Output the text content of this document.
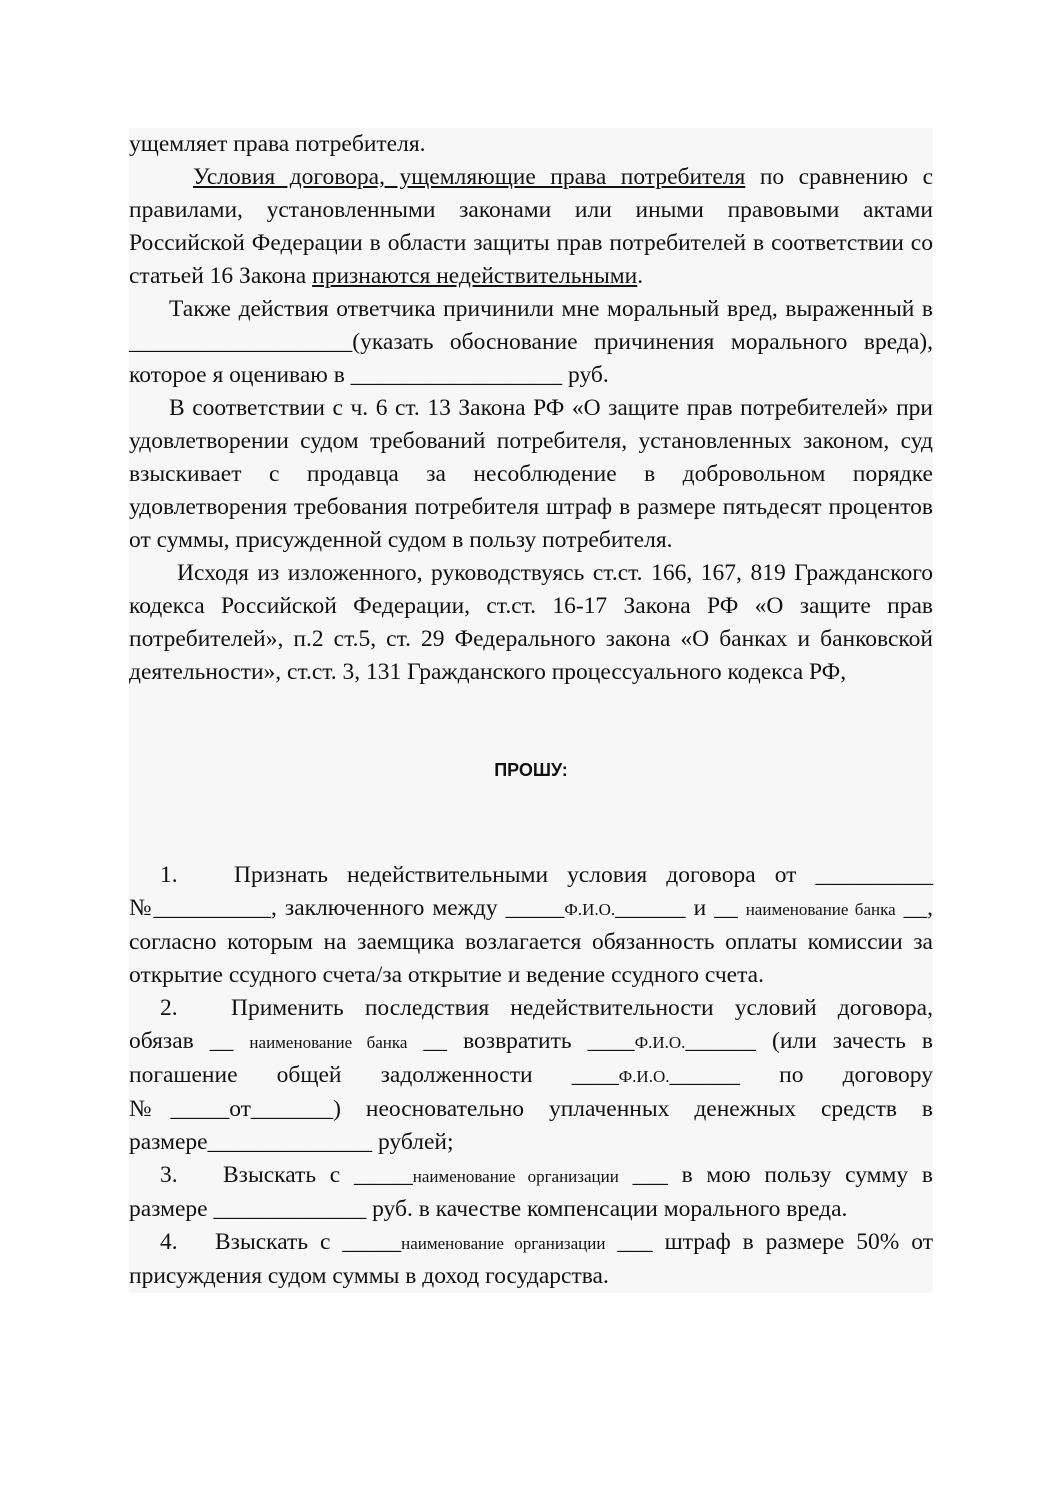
ущемляет права потребителя.

Условия договора, ущемляющие права потребителя по сравнению с правилами, установленными законами или иными правовыми актами Российской Федерации в области защиты прав потребителей в соответствии со статьей 16 Закона признаются недействительными.

Также действия ответчика причинили мне моральный вред, выраженный в ___________________(указать обоснование причинения морального вреда), которое я оцениваю в __________________ руб.

В соответствии с ч. 6 ст. 13 Закона РФ «О защите прав потребителей» при удовлетворении судом требований потребителя, установленных законом, суд взыскивает с продавца за несоблюдение в добровольном порядке удовлетворения требования потребителя штраф в размере пятьдесят процентов от суммы, присужденной судом в пользу потребителя.

Исходя из изложенного, руководствуясь ст.ст. 166, 167, 819 Гражданского кодекса Российской Федерации, ст.ст. 16-17 Закона РФ «О защите прав потребителей», п.2 ст.5, ст. 29 Федерального закона «О банках и банковской деятельности», ст.ст. 3, 131 Гражданского процессуального кодекса РФ,

ПРОШУ:

1. Признать недействительными условия договора от __________ №__________, заключенного между _____Ф.И.О.______ и __ наименование банка __, согласно которым на заемщика возлагается обязанность оплаты комиссии за открытие ссудного счета/за открытие и ведение ссудного счета.

2. Применить последствия недействительности условий договора, обязав __ наименование банка __ возвратить ____Ф.И.О.______ (или зачесть в погашение общей задолженности ____Ф.И.О.______ по договору №_____от_______) неосновательно уплаченных денежных средств в размере______________ рублей;

3. Взыскать с _____наименование организации ___ в мою пользу сумму в размере _____________ руб. в качестве компенсации морального вреда.

4. Взыскать с _____наименование организации ___ штраф в размере 50% от присуждения судом суммы в доход государства.
